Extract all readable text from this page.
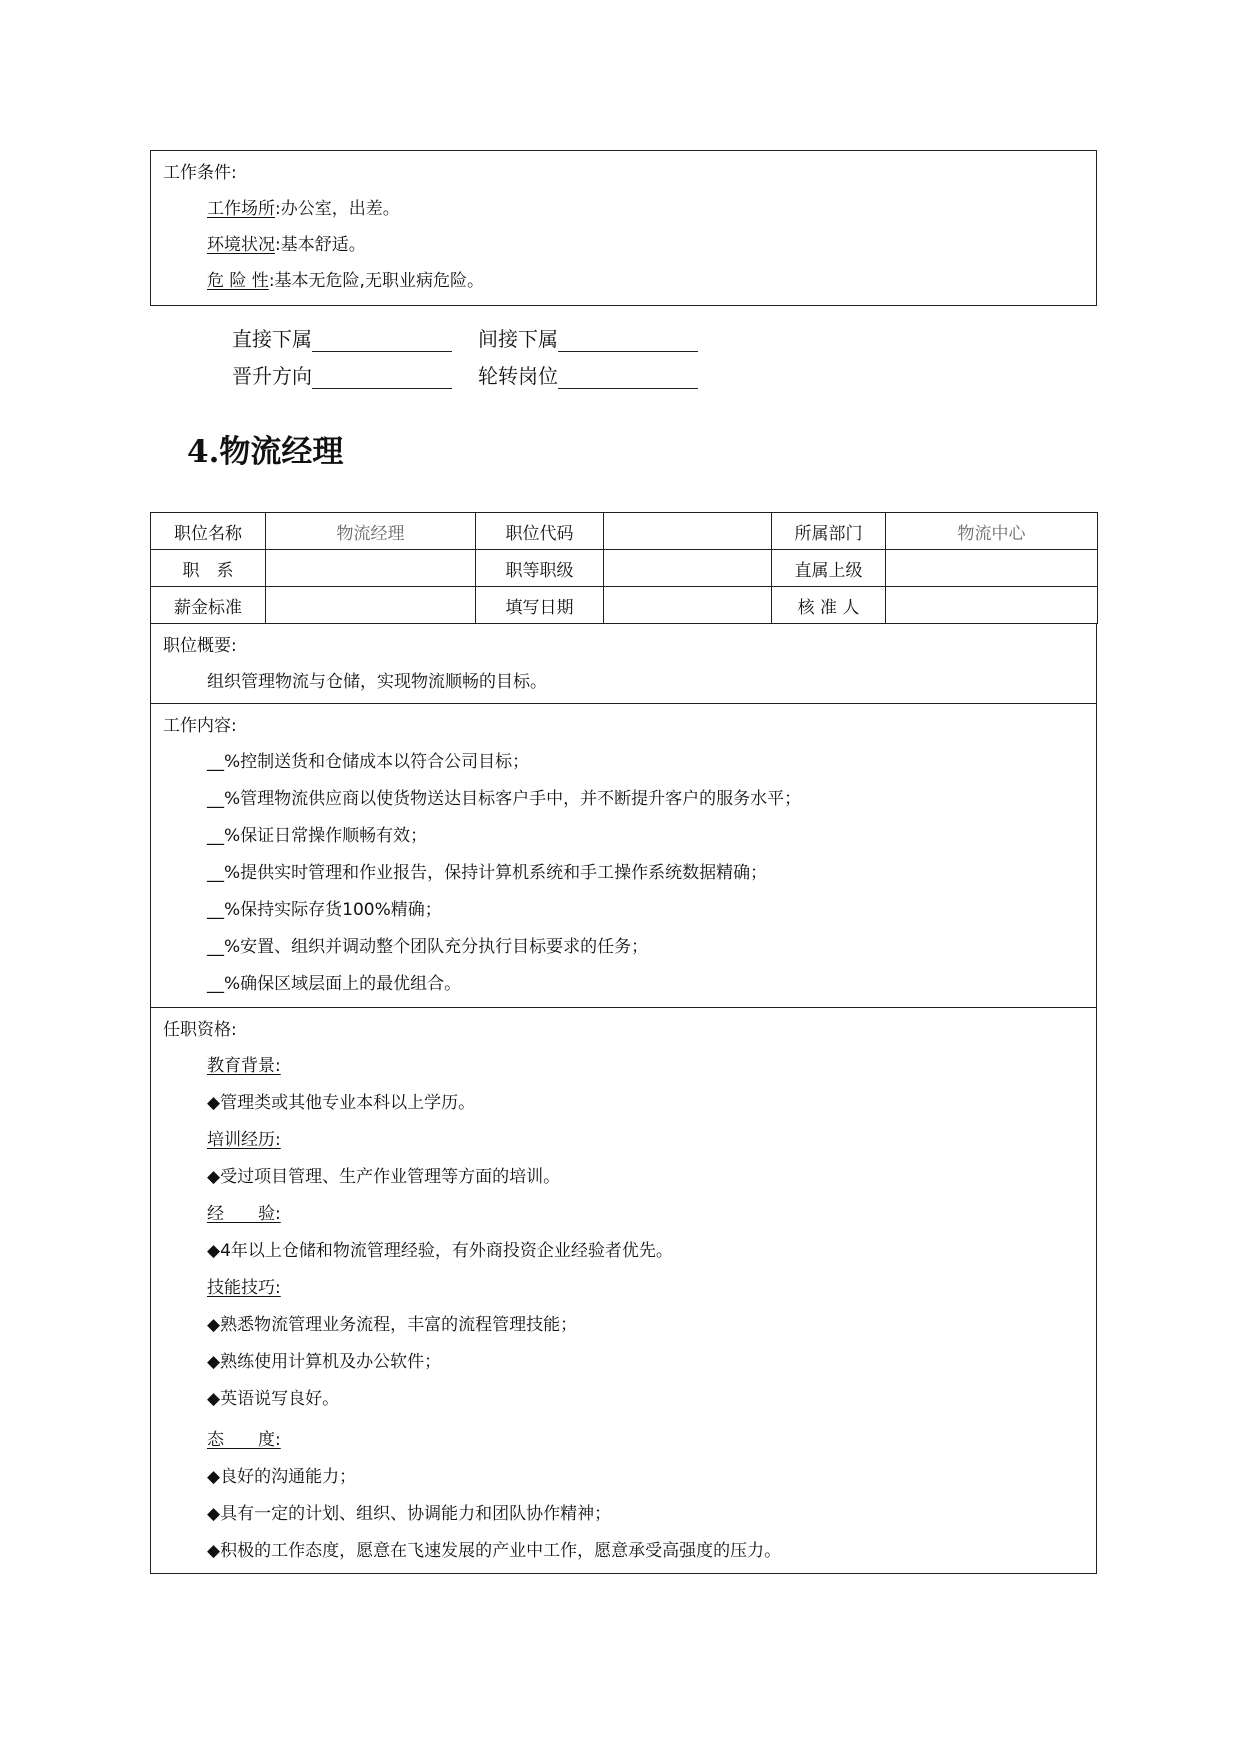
工作条件:
工作场所:办公室，出差。
环境状况:基本舒适。
危 险 性:基本无危险,无职业病危险。
直接下属	间接下属
晋升方向	轮转岗位
4.物流经理
职位名称	物流经理	职位代码		所属部门	物流中心
职　系		职等职级		直属上级	
薪金标准		填写日期		核 准 人	
职位概要:
组织管理物流与仓储，实现物流顺畅的目标。
工作内容:
__%控制送货和仓储成本以符合公司目标；
__%管理物流供应商以使货物送达目标客户手中，并不断提升客户的服务水平；
__%保证日常操作顺畅有效；
__%提供实时管理和作业报告，保持计算机系统和手工操作系统数据精确；
__%保持实际存货100%精确；
__%安置、组织并调动整个团队充分执行目标要求的任务；
__%确保区域层面上的最优组合。
任职资格:
教育背景:
◆管理类或其他专业本科以上学历。
培训经历:
◆受过项目管理、生产作业管理等方面的培训。
经　　验:
◆4年以上仓储和物流管理经验，有外商投资企业经验者优先。
技能技巧:
◆熟悉物流管理业务流程，丰富的流程管理技能；
◆熟练使用计算机及办公软件；
◆英语说写良好。
态　　度:
◆良好的沟通能力；
◆具有一定的计划、组织、协调能力和团队协作精神；
◆积极的工作态度，愿意在飞速发展的产业中工作，愿意承受高强度的压力。
